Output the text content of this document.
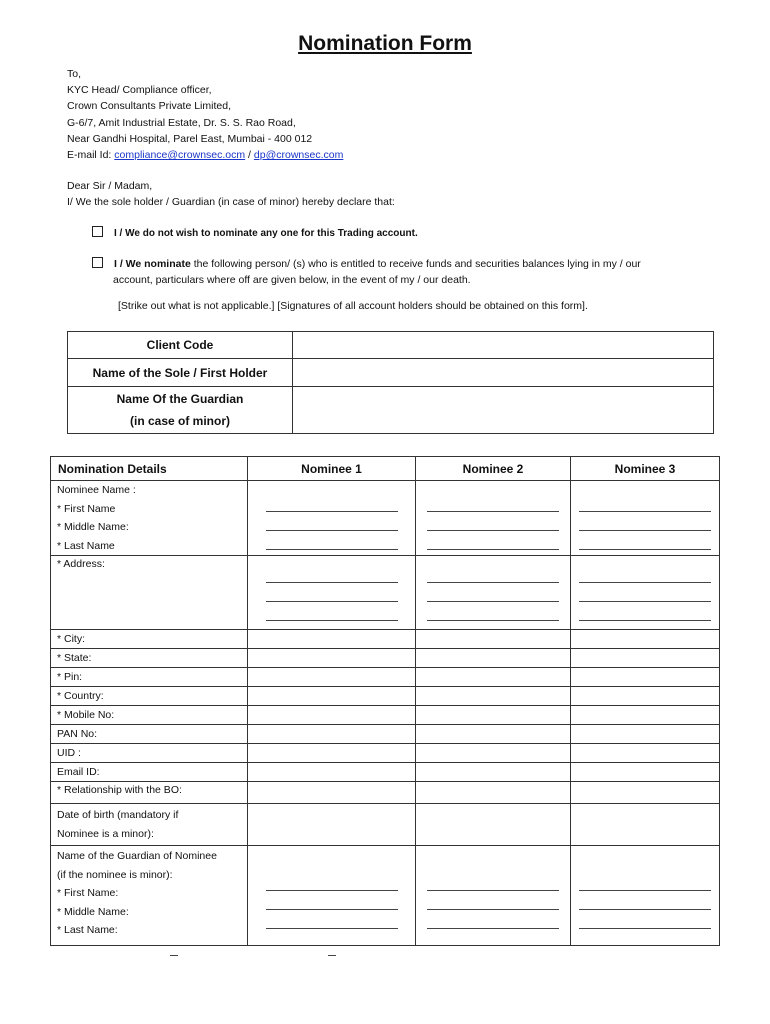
Nomination Form
To,
KYC Head/ Compliance officer,
Crown Consultants Private Limited,
G-6/7, Amit Industrial Estate, Dr. S. S. Rao Road,
Near Gandhi Hospital, Parel East, Mumbai - 400 012
E-mail Id: compliance@crownsec.ocm / dp@crownsec.com
Dear Sir / Madam,
I/ We the sole holder / Guardian (in case of minor) hereby declare that:
I / We do not wish to nominate any one for this Trading account.
I / We nominate the following person/ (s) who is entitled to receive funds and securities balances lying in my / our
account, particulars where off are given below, in the event of my / our death.
[Strike out what is not applicable.] [Signatures of all account holders should be obtained on this form].
Client Code	
Name of the Sole / First Holder	

Name Of the Guardian
(in case of minor)	

Nomination Details	Nominee 1	Nominee 2	Nominee 3

Nominee Name :
* First Name
* Middle Name:
* Last Name			

* Address:	

* City:			
* State:			
* Pin:			
* Country:			
* Mobile No:			
PAN No:			
UID :			
Email ID:			
* Relationship with the BO:			

Date of birth (mandatory if
Nominee is a minor):			

Name of the Guardian of Nominee
(if the nominee is minor):
* First Name:
* Middle Name:
* Last Name:			
